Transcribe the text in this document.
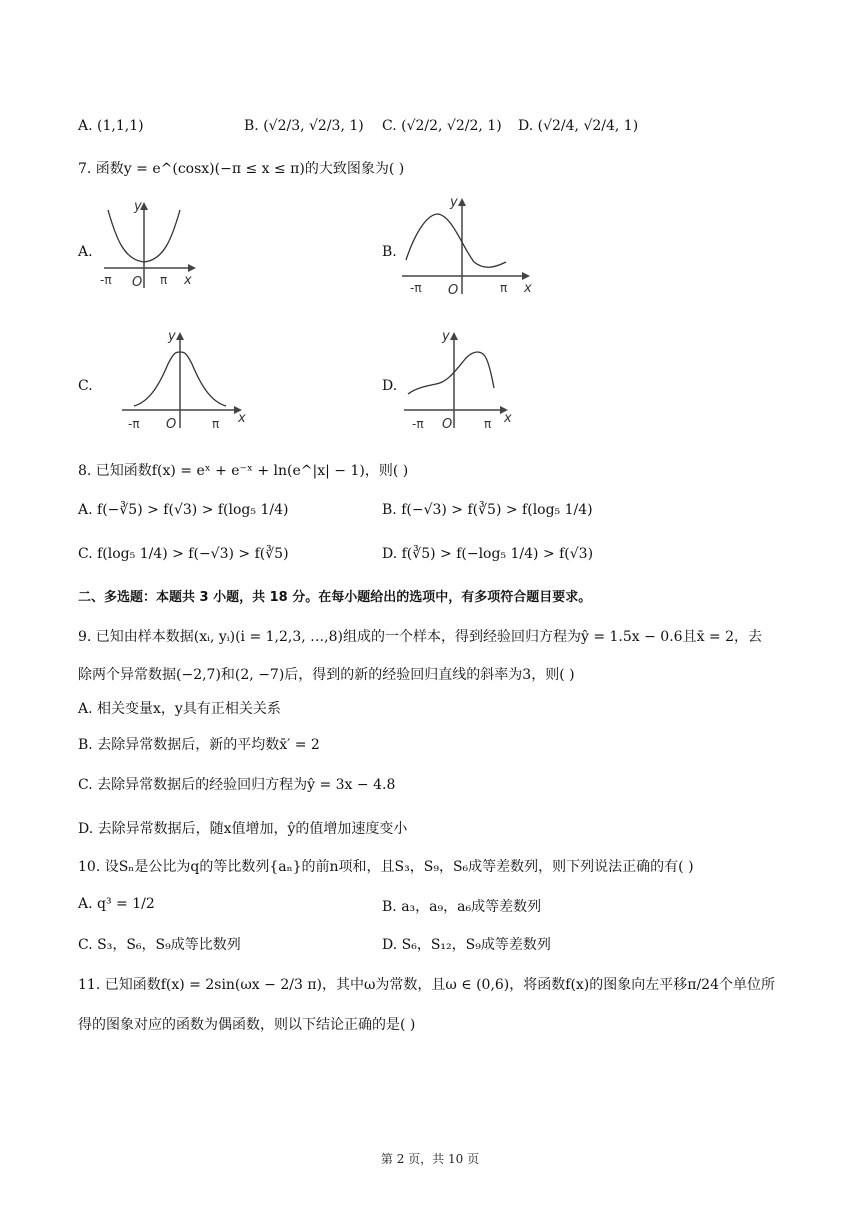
A. (1,1,1)	B. (√2/3, √2/3, 1) C. (√2/2, √2/2, 1) D. (√2/4, √2/4, 1)
7. 函数y = e^(cosx)(−π ≤ x ≤ π)的大致图象为( )
A.
y
x
-π O π
B.
y
x
-π O	π
C.
y
x
-π O	π
D.
y
x
-π O	π
8. 已知函数f(x) = eˣ + e⁻ˣ + ln(e^|x| − 1)，则( )
A. f(−∛5) > f(√3) > f(log₅ 1/4)	B. f(−√3) > f(∛5) > f(log₅ 1/4)
C. f(log₅ 1/4) > f(−√3) > f(∛5)	D. f(∛5) > f(−log₅ 1/4) > f(√3)
二、多选题：本题共 3 小题，共 18 分。在每小题给出的选项中，有多项符合题目要求。
9. 已知由样本数据(xᵢ, yᵢ)(i = 1,2,3, …,8)组成的一个样本，得到经验回归方程为ŷ = 1.5x − 0.6且x̄ = 2，去
除两个异常数据(−2,7)和(2, −7)后，得到的新的经验回归直线的斜率为3，则( )
A. 相关变量x，y具有正相关关系
B. 去除异常数据后，新的平均数x̄′ = 2
C. 去除异常数据后的经验回归方程为ŷ = 3x − 4.8
D. 去除异常数据后，随x值增加，ŷ的值增加速度变小
10. 设Sₙ是公比为q的等比数列{aₙ}的前n项和，且S₃，S₉，S₆成等差数列，则下列说法正确的有( )
A. q³ = 1/2	B. a₃，a₉，a₆成等差数列
C. S₃，S₆，S₉成等比数列	D. S₆，S₁₂，S₉成等差数列
11. 已知函数f(x) = 2sin(ωx − 2/3 π)，其中ω为常数，且ω ∈ (0,6)，将函数f(x)的图象向左平移π/24个单位所
得的图象对应的函数为偶函数，则以下结论正确的是( )
第 2 页，共 10 页
